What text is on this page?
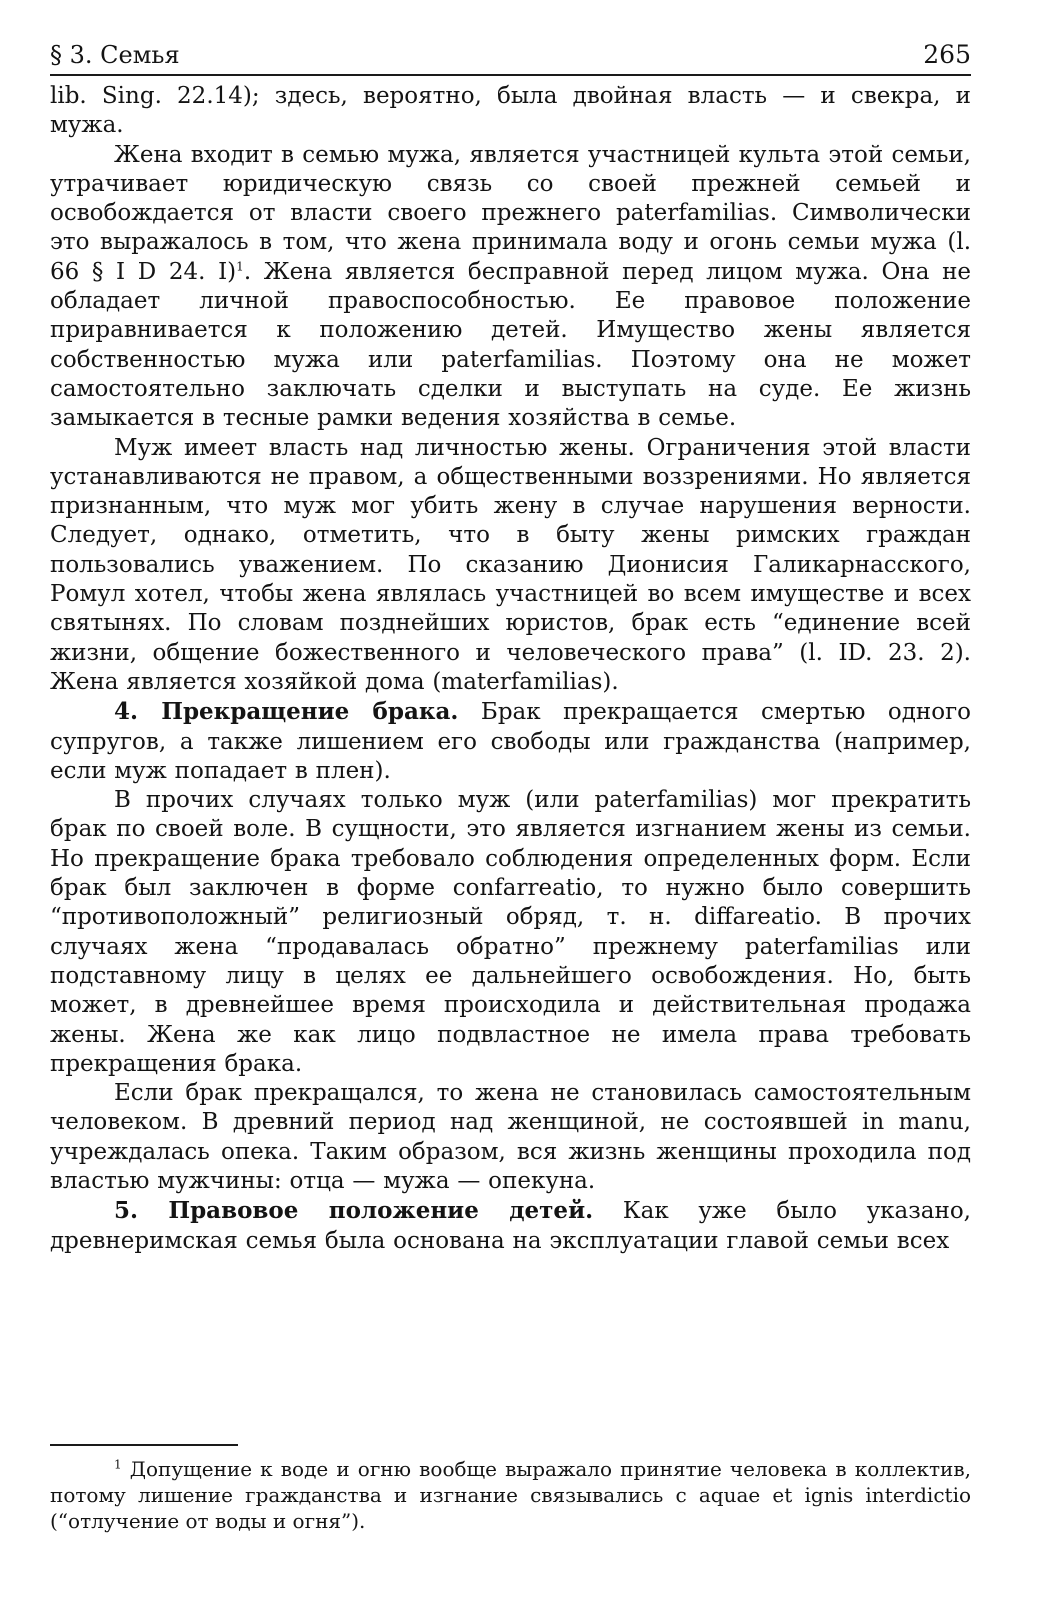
§ 3. Семья	265

lib. Sing. 22.14); здесь, вероятно, была двойная власть — и свекра, и мужа.

Жена входит в семью мужа, является участницей культа этой семьи, утрачивает юридическую связь со своей прежней семьей и освобождается от власти своего прежнего paterfamilias. Символически это выражалось в том, что жена принимала воду и огонь семьи мужа (l. 66 § I D 24. I)$^1$. Жена является бесправной перед лицом мужа. Она не обладает личной правоспособностью. Ее правовое положение приравнивается к положению детей. Имущество жены является собственностью мужа или paterfamilias. Поэтому она не может самостоятельно заключать сделки и выступать на суде. Ее жизнь замыкается в тесные рамки ведения хозяйства в семье.

Муж имеет власть над личностью жены. Ограничения этой власти устанавливаются не правом, а общественными воззрениями. Но является признанным, что муж мог убить жену в случае нарушения верности. Следует, однако, отметить, что в быту жены римских граждан пользовались уважением. По сказанию Дионисия Галикарнасского, Ромул хотел, чтобы жена являлась участницей во всем имуществе и всех святынях. По словам позднейших юристов, брак есть “единение всей жизни, общение божественного и человеческого права” (l. ID. 23. 2). Жена является хозяйкой дома (materfamilias).

4. Прекращение брака. Брак прекращается смертью одного супругов, а также лишением его свободы или гражданства (например, если муж попадает в плен).

В прочих случаях только муж (или paterfamilias) мог прекратить брак по своей воле. В сущности, это является изгнанием жены из семьи. Но прекращение брака требовало соблюдения определенных форм. Если брак был заключен в форме confarreatio, то нужно было совершить “противоположный” религиозный обряд, т. н. diffareatio. В прочих случаях жена “продавалась обратно” прежнему paterfamilias или подставному лицу в целях ее дальнейшего освобождения. Но, быть может, в древнейшее время происходила и действительная продажа жены. Жена же как лицо подвластное не имела права требовать прекращения брака.

Если брак прекращался, то жена не становилась самостоятельным человеком. В древний период над женщиной, не состоявшей in manu, учреждалась опека. Таким образом, вся жизнь женщины проходила под властью мужчины: отца — мужа — опекуна.

5. Правовое положение детей. Как уже было указано, древнеримская семья была основана на эксплуатации главой семьи всех

$^1$ Допущение к воде и огню вообще выражало принятие человека в коллектив, потому лишение гражданства и изгнание связывались с aquae et ignis interdictio (“отлучение от воды и огня”).
